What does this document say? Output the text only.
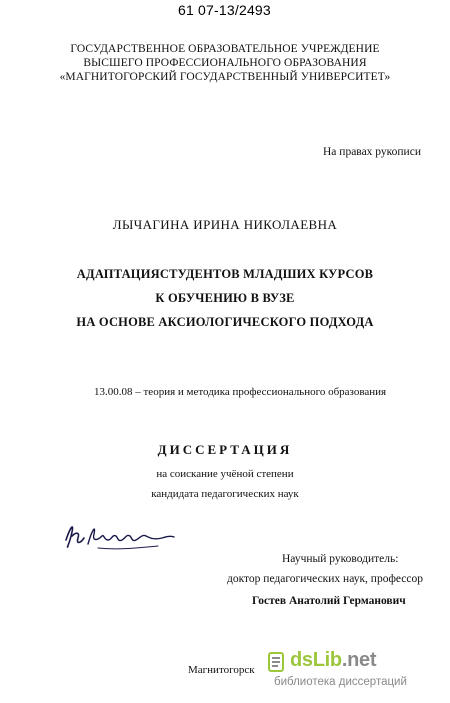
61 07-13/2493
ГОСУДАРСТВЕННОЕ ОБРАЗОВАТЕЛЬНОЕ УЧРЕЖДЕНИЕ
ВЫСШЕГО ПРОФЕССИОНАЛЬНОГО ОБРАЗОВАНИЯ
«МАГНИТОГОРСКИЙ ГОСУДАРСТВЕННЫЙ УНИВЕРСИТЕТ»
На правах рукописи
ЛЫЧАГИНА ИРИНА НИКОЛАЕВНА
АДАПТАЦИЯСТУДЕНТОВ МЛАДШИХ КУРСОВ
К ОБУЧЕНИЮ В ВУЗЕ
НА ОСНОВЕ АКСИОЛОГИЧЕСКОГО ПОДХОДА
13.00.08 – теория и методика профессионального образования
ДИССЕРТАЦИЯ
на соискание учёной степени
кандидата педагогических наук
Научный руководитель:
доктор педагогических наук, профессор
Гостев Анатолий Германович
Магнитогорск dsLib.net
библиотека диссертаций
